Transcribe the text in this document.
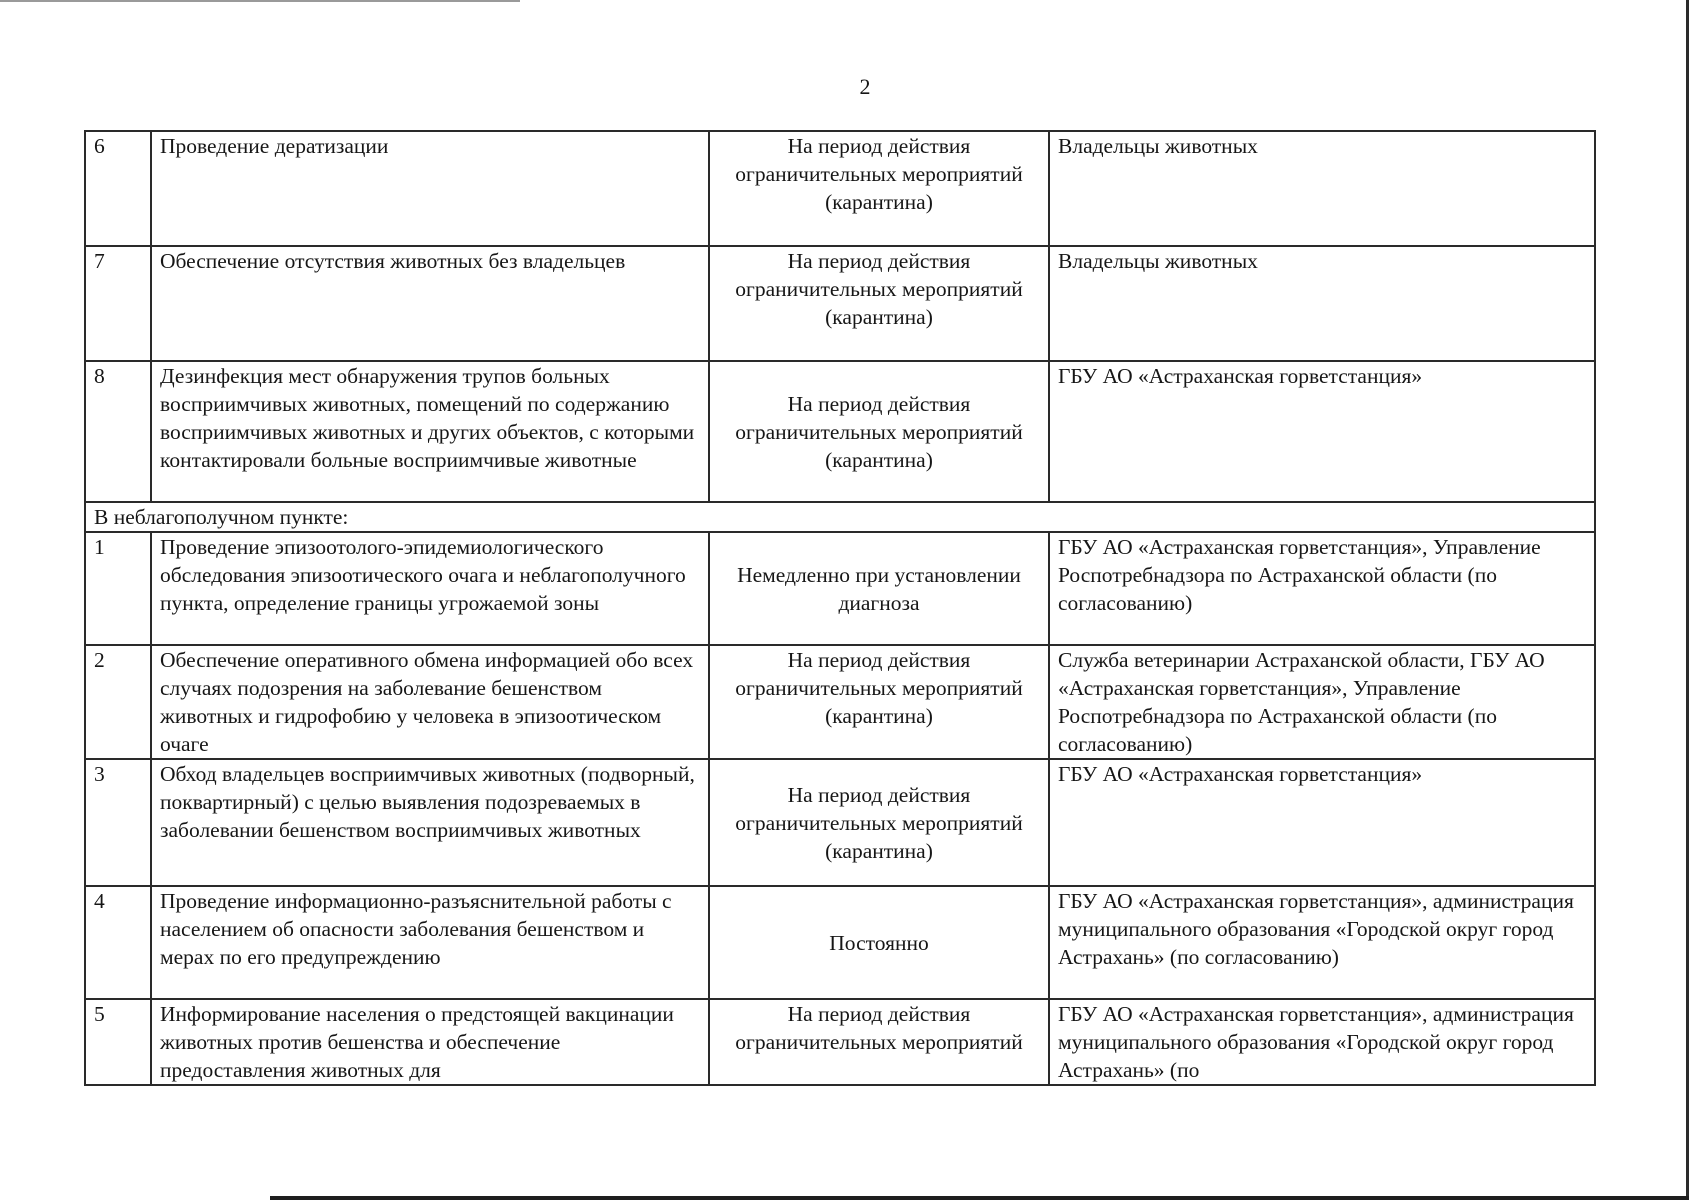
2
6	Проведение дератизации	На период действия ограничительных мероприятий (карантина)	Владельцы животных
7	Обеспечение отсутствия животных без владельцев	На период действия ограничительных мероприятий (карантина)	Владельцы животных
8	Дезинфекция мест обнаружения трупов больных восприимчивых животных, помещений по содержанию восприимчивых животных и других объектов, с которыми контактировали больные восприимчивые животные	На период действия ограничительных мероприятий (карантина)	ГБУ АО «Астраханская горветстанция»
В неблагополучном пункте:			
1	Проведение эпизоотолого-эпидемиологического обследования эпизоотического очага и неблагополучного пункта, определение границы угрожаемой зоны	Немедленно при установлении диагноза	ГБУ АО «Астраханская горветстанция», Управление Роспотребнадзора по Астраханской области (по согласованию)
2	Обеспечение оперативного обмена информацией обо всех случаях подозрения на заболевание бешенством животных и гидрофобию у человека в эпизоотическом очаге	На период действия ограничительных мероприятий (карантина)	Служба ветеринарии Астраханской области, ГБУ АО «Астраханская горветстанция», Управление Роспотребнадзора по Астраханской области (по согласованию)
3	Обход владельцев восприимчивых животных (подворный, поквартирный) с целью выявления подозреваемых в заболевании бешенством восприимчивых животных	На период действия ограничительных мероприятий (карантина)	ГБУ АО «Астраханская горветстанция»
4	Проведение информационно-разъяснительной работы с населением об опасности заболевания бешенством и мерах по его предупреждению	Постоянно	ГБУ АО «Астраханская горветстанция», администрация муниципального образования «Городской округ город Астрахань» (по согласованию)
5	Информирование населения о предстоящей вакцинации животных против бешенства и обеспечение предоставления животных для	На период действия ограничительных мероприятий	ГБУ АО «Астраханская горветстанция», администрация муниципального образования «Городской округ город Астрахань» (по
